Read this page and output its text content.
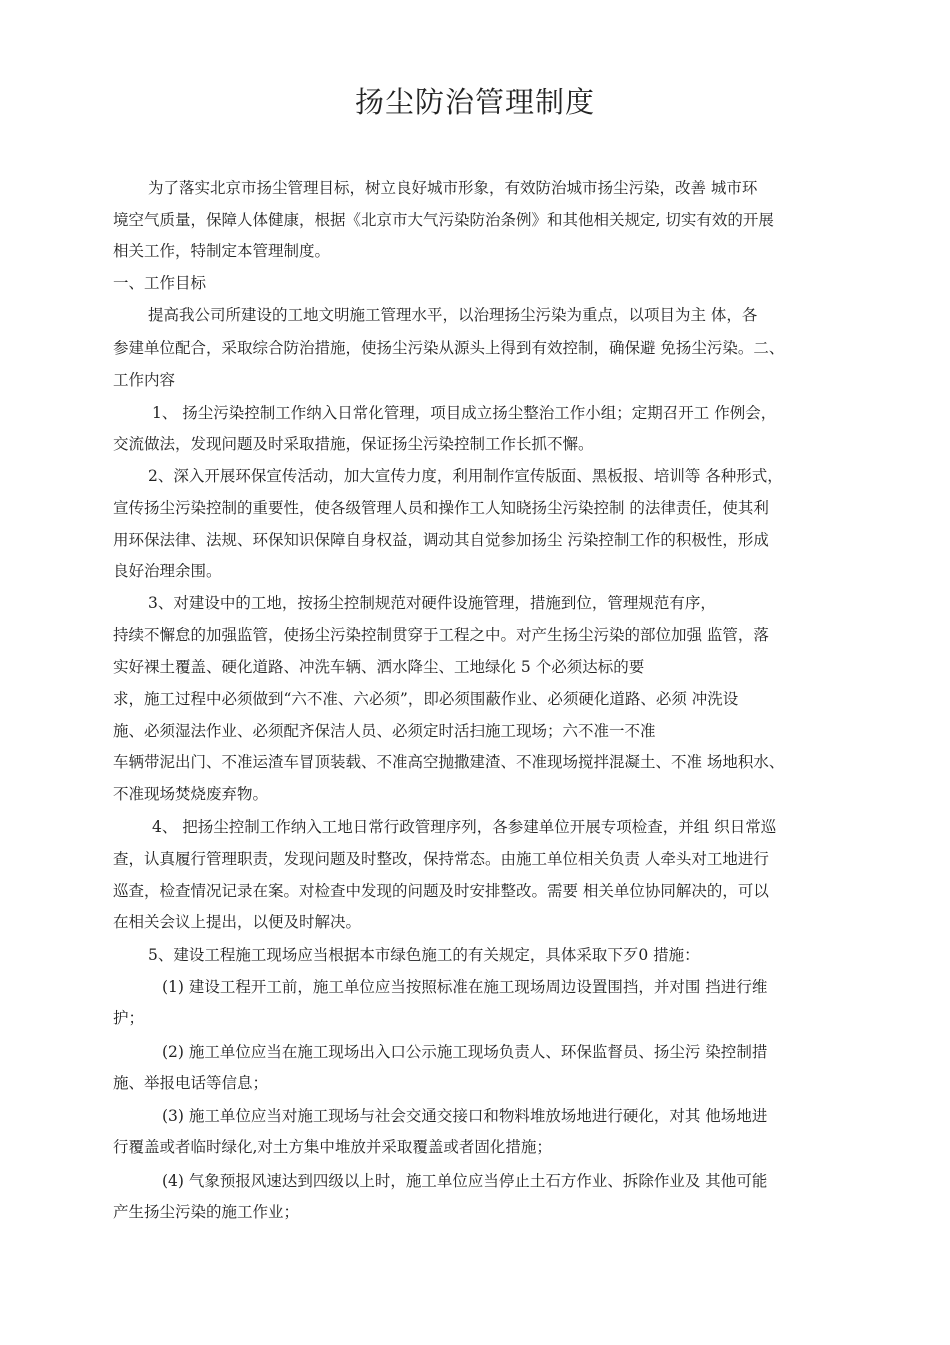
扬尘防治管理制度
为了落实北京市扬尘管理目标，树立良好城市形象，有效防治城市扬尘污染，改善 城市环
境空气质量，保障人体健康，根据《北京市大气污染防治条例》和其他相关规定, 切实有效的开展
相关工作，特制定本管理制度。
一、工作目标
提高我公司所建设的工地文明施工管理水平，以治理扬尘污染为重点，以项目为主 体，各
参建单位配合，采取综合防治措施，使扬尘污染从源头上得到有效控制，确保避 免扬尘污染。二、
工作内容
1、 扬尘污染控制工作纳入日常化管理，项目成立扬尘整治工作小组；定期召开工 作例会，
交流做法，发现问题及时采取措施，保证扬尘污染控制工作长抓不懈。
2、深入开展环保宣传活动，加大宣传力度，利用制作宣传版面、黑板报、培训等 各种形式，
宣传扬尘污染控制的重要性，使各级管理人员和操作工人知晓扬尘污染控制 的法律责任，使其利
用环保法律、法规、环保知识保障自身权益，调动其自觉参加扬尘 污染控制工作的积极性，形成
良好治理余围。
3、对建设中的工地，按扬尘控制规范对硬件设施管理，措施到位，管理规范有序，
持续不懈怠的加强监管，使扬尘污染控制贯穿于工程之中。对产生扬尘污染的部位加强 监管，落
实好裸土覆盖、硬化道路、冲洗车辆、洒水降尘、工地绿化 5 个必须达标的要
求，施工过程中必须做到“六不准、六必须”，即必须围蔽作业、必须硬化道路、必须 冲洗设
施、必须湿法作业、必须配齐保洁人员、必须定时活扫施工现场；六不准一不准
车辆带泥出门、不准运渣车冒顶装载、不准高空抛撒建渣、不准现场搅拌混凝土、不准 场地积水、
不准现场焚烧废弃物。
4、 把扬尘控制工作纳入工地日常行政管理序列，各参建单位开展专项检查，并组 织日常巡
查，认真履行管理职责，发现问题及时整改，保持常态。由施工单位相关负责 人牵头对工地进行
巡查，检查情况记录在案。对检查中发现的问题及时安排整改。需要 相关单位协同解决的，可以
在相关会议上提出，以便及时解决。
5、建设工程施工现场应当根据本市绿色施工的有关规定，具体采取下歹0 措施：
(1) 建设工程开工前，施工单位应当按照标准在施工现场周边设置围挡，并对围 挡进行维
护；
(2) 施工单位应当在施工现场出入口公示施工现场负责人、环保监督员、扬尘污 染控制措
施、举报电话等信息；
(3) 施工单位应当对施工现场与社会交通交接口和物料堆放场地进行硬化，对其 他场地进
行覆盖或者临时绿化,对土方集中堆放并采取覆盖或者固化措施；
(4) 气象预报风速达到四级以上时，施工单位应当停止土石方作业、拆除作业及 其他可能
产生扬尘污染的施工作业；
